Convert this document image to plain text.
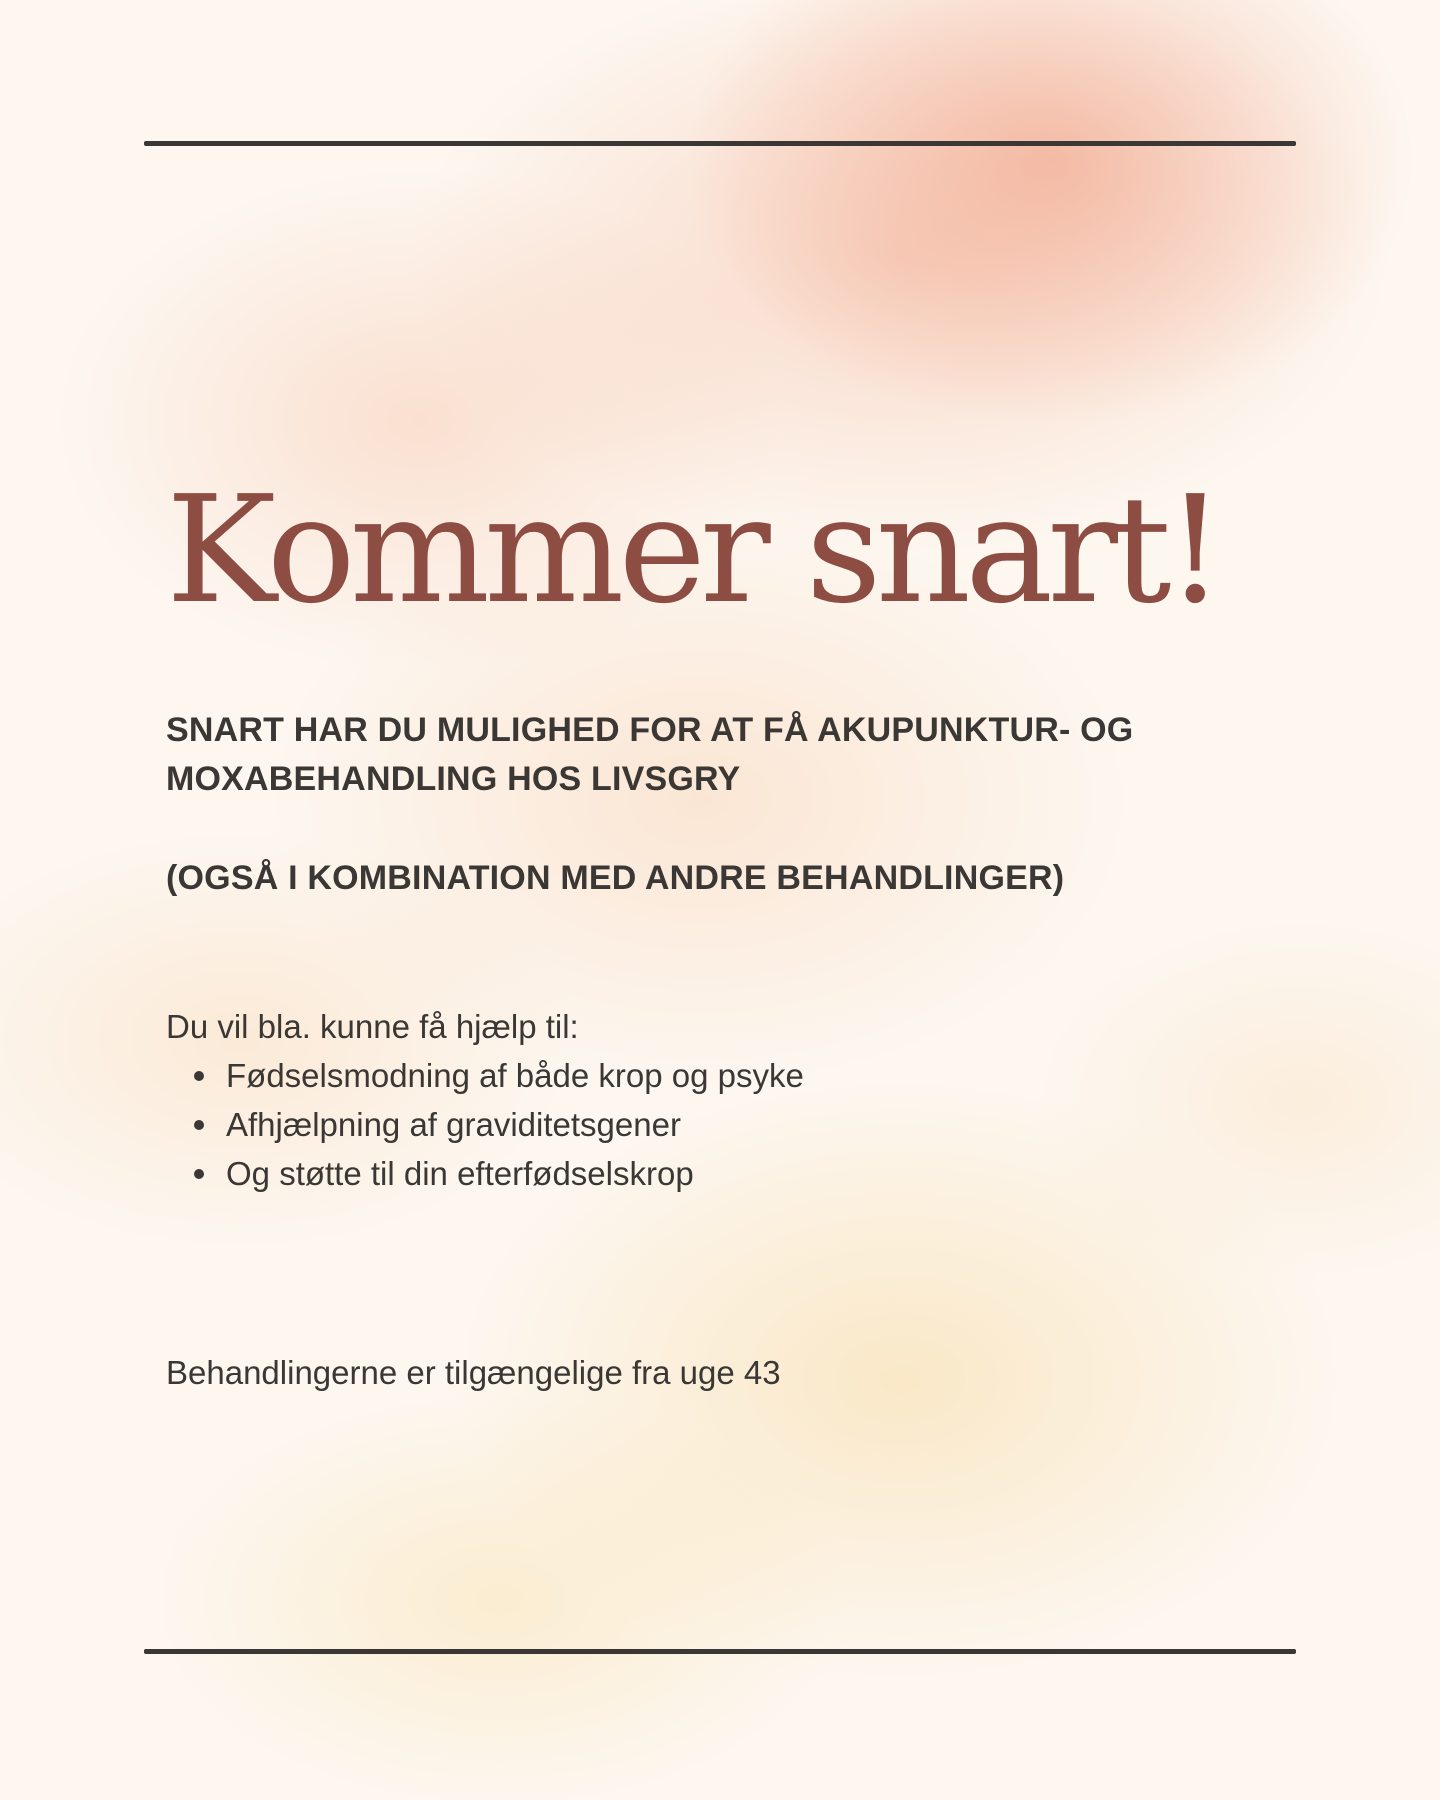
Kommer snart!

SNART HAR DU MULIGHED FOR AT FÅ AKUPUNKTUR- OG MOXABEHANDLING HOS LIVSGRY

(OGSÅ I KOMBINATION MED ANDRE BEHANDLINGER)

Du vil bla. kunne få hjælp til:

Fødselsmodning af både krop og psyke
Afhjælpning af graviditetsgener
Og støtte til din efterfødselskrop

Behandlingerne er tilgængelige fra uge 43
